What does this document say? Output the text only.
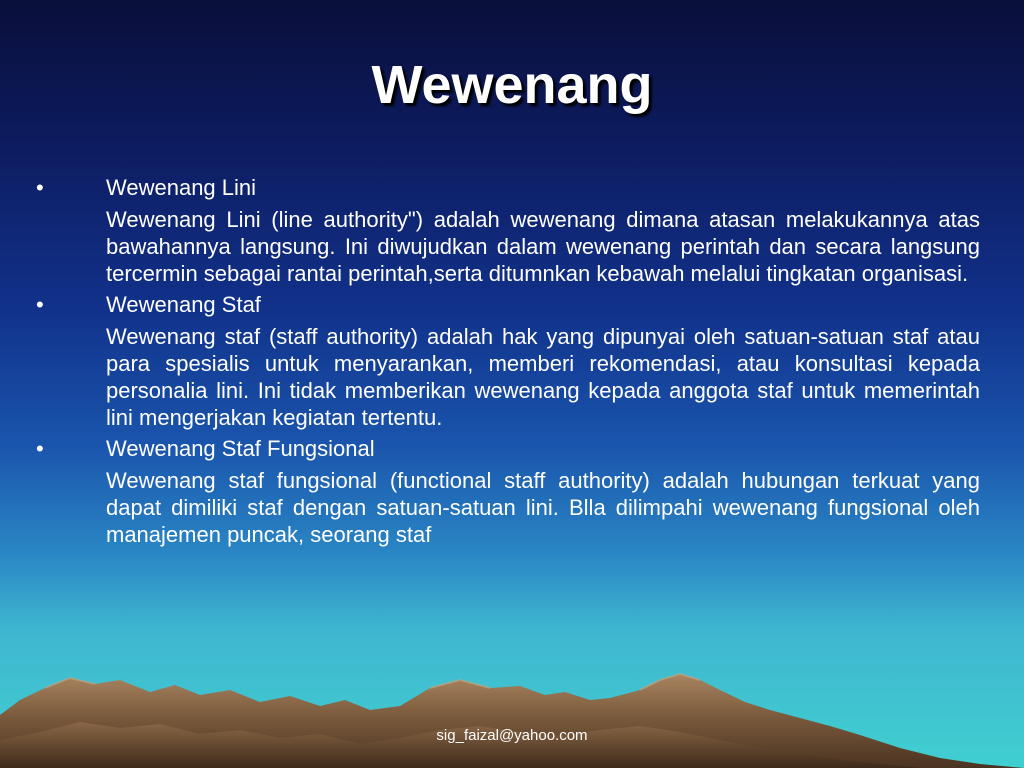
Wewenang
•	Wewenang Lini
Wewenang Lini (line authority") adalah wewenang dimana atasan melakukannya atas bawahannya langsung. Ini diwujudkan dalam wewenang perintah dan secara langsung tercermin sebagai rantai perintah,serta ditumnkan kebawah melalui tingkatan organisasi.
•	Wewenang Staf
Wewenang staf (staff authority) adalah hak yang dipunyai oleh satuan-satuan staf atau para spesialis untuk menyarankan, memberi rekomendasi, atau konsultasi kepada personalia lini. Ini tidak memberikan wewenang kepada anggota staf untuk memerintah lini mengerjakan kegiatan tertentu.
•	Wewenang Staf Fungsional
Wewenang staf fungsional (functional staff authority) adalah hubungan terkuat yang dapat dimiliki staf dengan satuan-satuan lini. Blla dilimpahi wewenang fungsional oleh manajemen puncak, seorang staf
sig_faizal@yahoo.com
